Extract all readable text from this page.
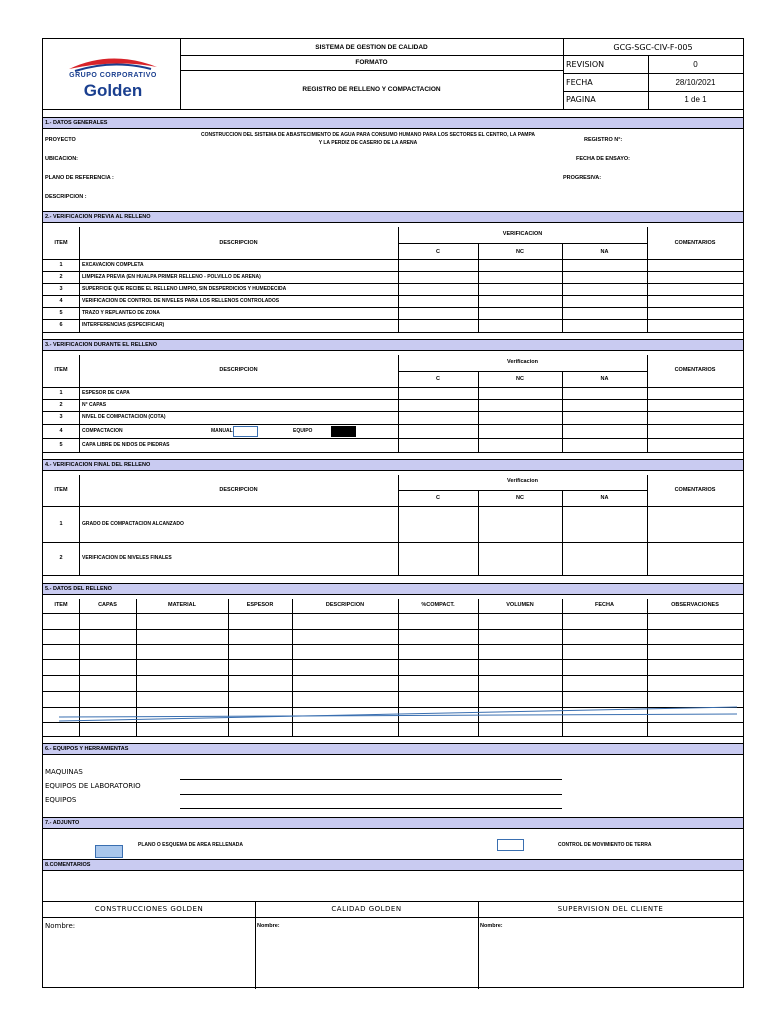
GRUPO CORPORATIVO
Golden
SISTEMA DE GESTION DE CALIDAD
FORMATO
REGISTRO DE RELLENO Y COMPACTACION
GCG-SGC-CIV-F-005
REVISION	0
FECHA	28/10/2021
PAGINA	1 de 1
1.- DATOS GENERALES
PROYECTO
CONSTRUCCION DEL SISTEMA DE ABASTECIMIENTO DE AGUA PARA CONSUMO HUMANO PARA LOS SECTORES EL CENTRO, LA PAMPA
Y LA PERDIZ DE CASERIO DE LA ARENA	REGISTRO N°:
UBICACION:	FECHA DE ENSAYO:
PLANO DE REFERENCIA :	PROGRESIVA:
DESCRIPCION :
2.- VERIFICACION PREVIA AL RELLENO
ITEM	DESCRIPCION
VERIFICACION
C	NC	NA
COMENTARIOS
1	EXCAVACION COMPLETA
2	LIMPIEZA PREVIA (EN HUALPA PRIMER RELLENO - POLVILLO DE ARENA)
3	SUPERFICIE QUE RECIBE EL RELLENO LIMPIO, SIN DESPERDICIOS Y HUMEDECIDA
4	VERIFICACION DE CONTROL DE NIVELES PARA LOS RELLENOS CONTROLADOS
5	TRAZO Y REPLANTEO DE ZONA
6	INTERFERENCIAS (ESPECIFICAR)
3.- VERIFICACION DURANTE EL RELLENO
ITEM	DESCRIPCION
Verificacion
C	NC	NA
COMENTARIOS
1	ESPESOR DE CAPA
2	N° CAPAS
3	NIVEL DE COMPACTACION (COTA)
4	COMPACTACION	MANUAL	EQUIPO
5	CAPA LIBRE DE NIDOS DE PIEDRAS
4.- VERIFICACION FINAL DEL RELLENO
ITEM	DESCRIPCION
Verificacion
C	NC	NA
COMENTARIOS
1	GRADO DE COMPACTACION ALCANZADO
2	VERIFICACION DE NIVELES FINALES
5.- DATOS DEL RELLENO
ITEM	CAPAS	MATERIAL	ESPESOR	DESCRIPCION	%COMPACT.	VOLUMEN	FECHA	OBSERVACIONES
6.- EQUIPOS Y HERRAMIENTAS
MAQUINAS
EQUIPOS DE LABORATORIO
EQUIPOS
7.- ADJUNTO
PLANO O ESQUEMA DE AREA RELLENADA	CONTROL DE MOVIMIENTO DE TERRA
8.COMENTARIOS
CONSTRUCCIONES GOLDEN	CALIDAD GOLDEN	SUPERVISION DEL CLIENTE
Nombre:	Nombre:	Nombre:
